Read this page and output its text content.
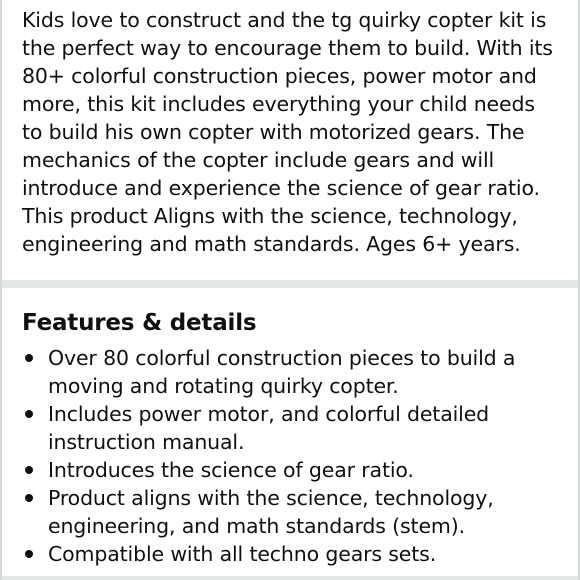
Kids love to construct and the tg quirky copter kit is the perfect way to encourage them to build. With its 80+ colorful construction pieces, power motor and more, this kit includes everything your child needs to build his own copter with motorized gears. The mechanics of the copter include gears and will introduce and experience the science of gear ratio. This product Aligns with the science, technology, engineering and math standards. Ages 6+ years.

Features & details
Over 80 colorful construction pieces to build a moving and rotating quirky copter.
Includes power motor, and colorful detailed instruction manual.
Introduces the science of gear ratio.
Product aligns with the science, technology, engineering, and math standards (stem).
Compatible with all techno gears sets.
